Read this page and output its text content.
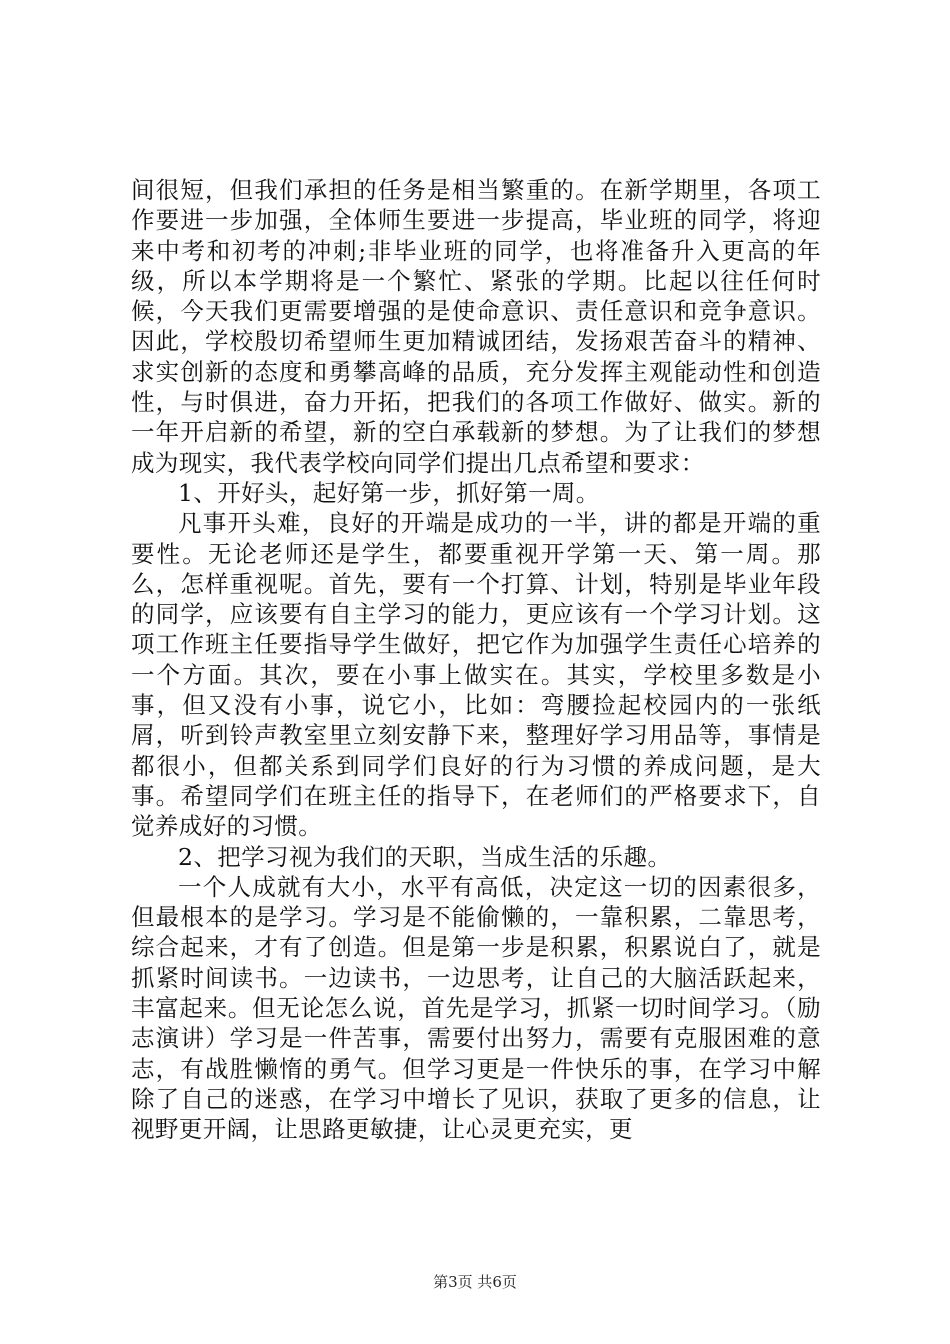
间很短，但我们承担的任务是相当繁重的。在新学期里，各项工作要进一步加强，全体师生要进一步提高，毕业班的同学，将迎来中考和初考的冲刺;非毕业班的同学，也将准备升入更高的年级，所以本学期将是一个繁忙、紧张的学期。比起以往任何时候，今天我们更需要增强的是使命意识、责任意识和竞争意识。因此，学校殷切希望师生更加精诚团结，发扬艰苦奋斗的精神、求实创新的态度和勇攀高峰的品质，充分发挥主观能动性和创造性，与时俱进，奋力开拓，把我们的各项工作做好、做实。新的一年开启新的希望，新的空白承载新的梦想。为了让我们的梦想成为现实，我代表学校向同学们提出几点希望和要求：

1、开好头，起好第一步，抓好第一周。

凡事开头难，良好的开端是成功的一半，讲的都是开端的重要性。无论老师还是学生，都要重视开学第一天、第一周。那么，怎样重视呢。首先，要有一个打算、计划，特别是毕业年段的同学，应该要有自主学习的能力，更应该有一个学习计划。这项工作班主任要指导学生做好，把它作为加强学生责任心培养的一个方面。其次，要在小事上做实在。其实，学校里多数是小事，但又没有小事，说它小，比如：弯腰捡起校园内的一张纸屑，听到铃声教室里立刻安静下来，整理好学习用品等，事情是都很小，但都关系到同学们良好的行为习惯的养成问题，是大事。希望同学们在班主任的指导下，在老师们的严格要求下，自觉养成好的习惯。

2、把学习视为我们的天职，当成生活的乐趣。

一个人成就有大小，水平有高低，决定这一切的因素很多，但最根本的是学习。学习是不能偷懒的，一靠积累，二靠思考，综合起来，才有了创造。但是第一步是积累，积累说白了，就是抓紧时间读书。一边读书，一边思考，让自己的大脑活跃起来，丰富起来。但无论怎么说，首先是学习，抓紧一切时间学习。（励志演讲）学习是一件苦事，需要付出努力，需要有克服困难的意志，有战胜懒惰的勇气。但学习更是一件快乐的事，在学习中解除了自己的迷惑，在学习中增长了见识，获取了更多的信息，让视野更开阔，让思路更敏捷，让心灵更充实，更

第3页 共6页
